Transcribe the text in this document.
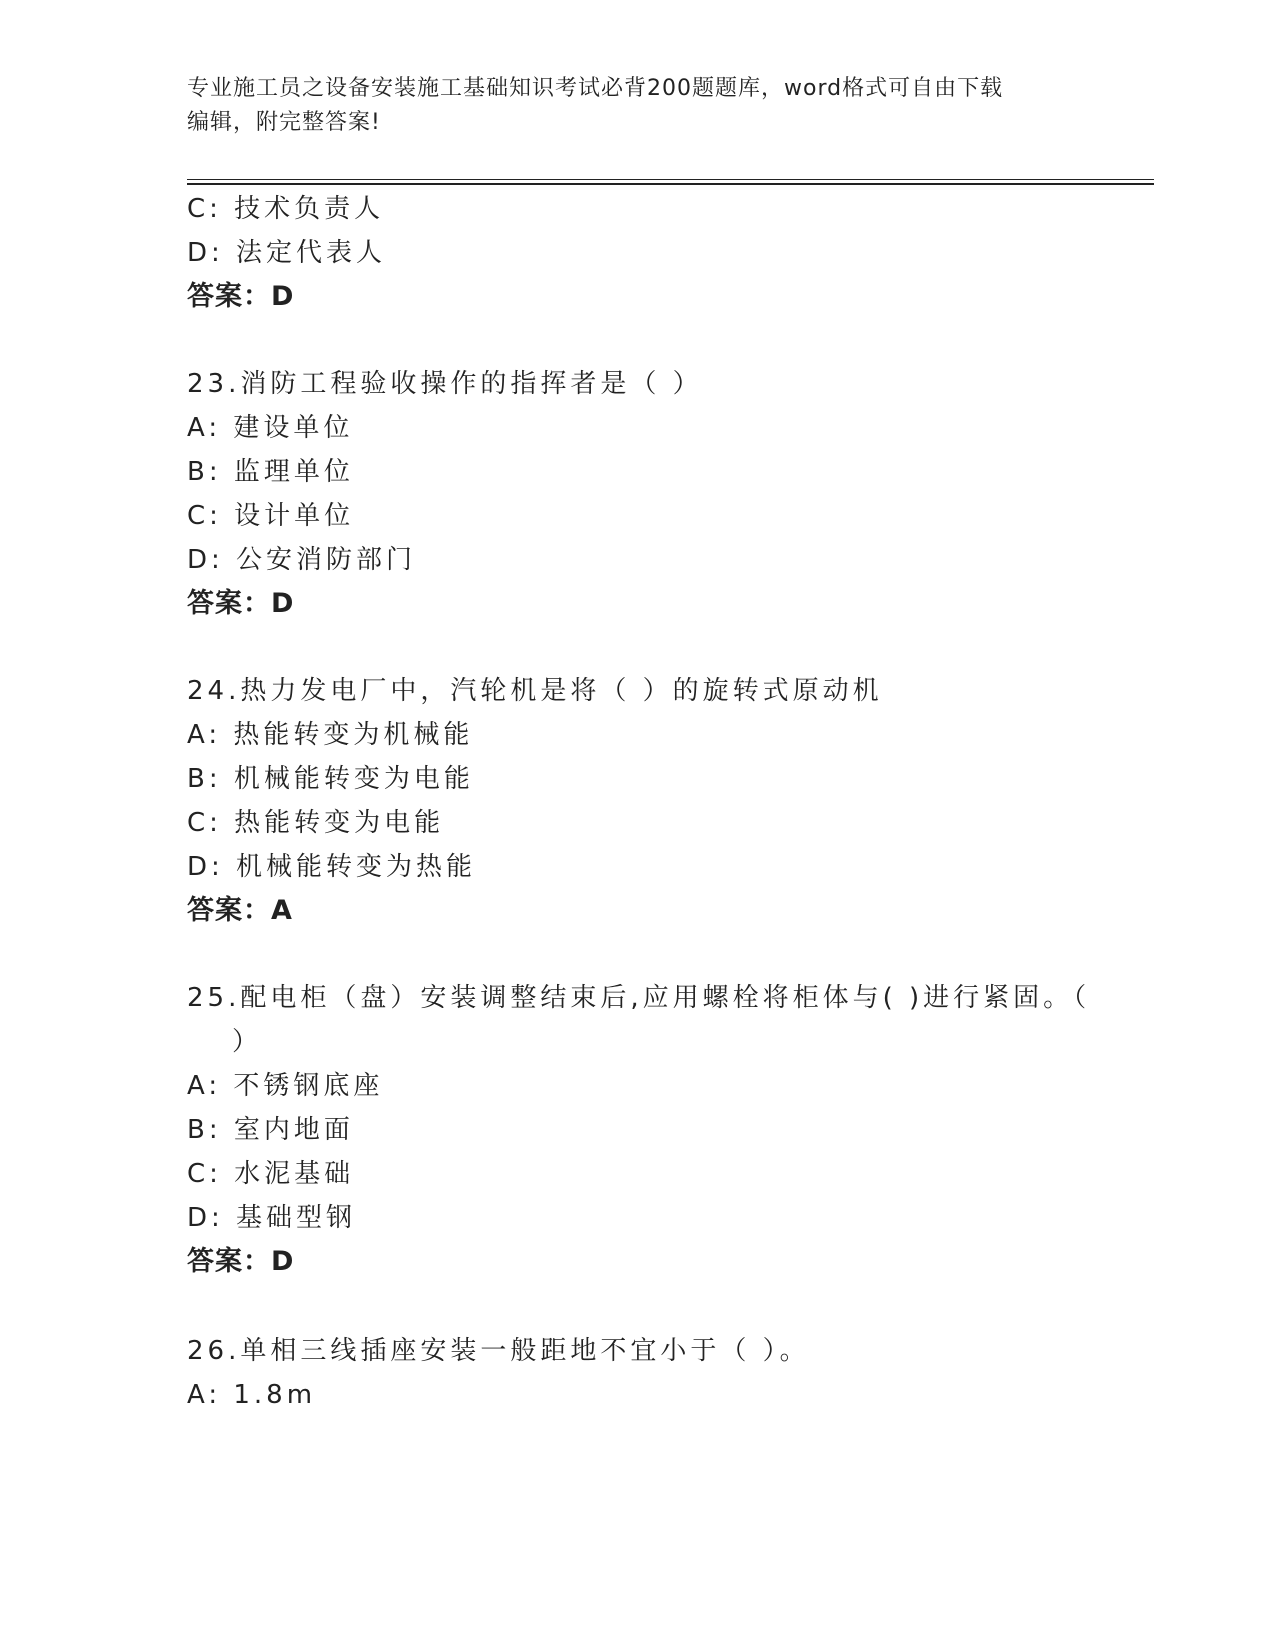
专业施工员之设备安装施工基础知识考试必背200题题库，word格式可自由下载
编辑，附完整答案!
C: 技术负责人
D: 法定代表人
答案：D
23.消防工程验收操作的指挥者是（ ）
A: 建设单位
B: 监理单位
C: 设计单位
D: 公安消防部门
答案：D
24.热力发电厂中，汽轮机是将（ ）的旋转式原动机
A: 热能转变为机械能
B: 机械能转变为电能
C: 热能转变为电能
D: 机械能转变为热能
答案：A
25.配电柜（盘）安装调整结束后,应用螺栓将柜体与( )进行紧固。（
）
A: 不锈钢底座
B: 室内地面
C: 水泥基础
D: 基础型钢
答案：D
26.单相三线插座安装一般距地不宜小于（ ）。
A: 1.8m
